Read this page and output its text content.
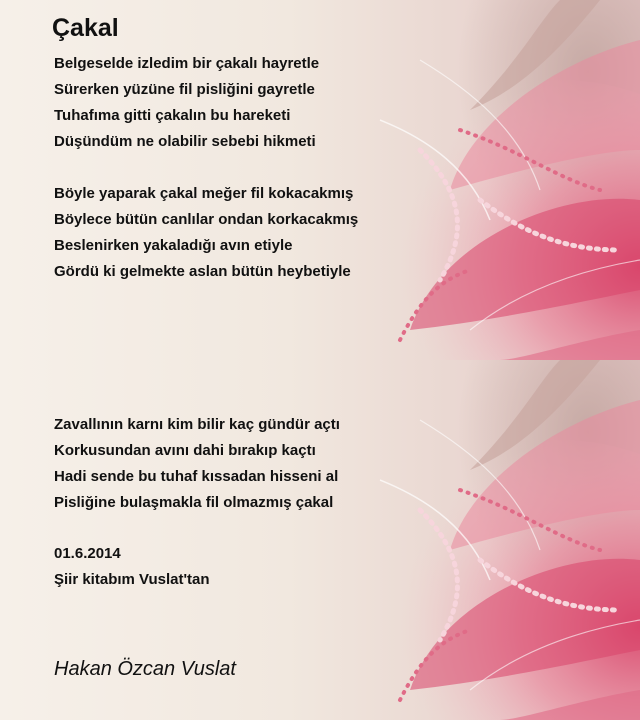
Çakal
Belgeselde izledim bir çakalı hayretle
Sürerken yüzüne fil pisliğini gayretle
Tuhafıma gitti çakalın bu hareketi
Düşündüm ne olabilir sebebi hikmeti
Böyle yaparak çakal meğer fil kokacakmış
Böylece bütün canlılar ondan korkacakmış
Beslenirken yakaladığı avın etiyle
Gördü ki gelmekte aslan bütün heybetiyle
Zavallının karnı kim bilir kaç gündür açtı
Korkusundan avını dahi bırakıp kaçtı
Hadi sende bu tuhaf kıssadan hisseni al
Pisliğine bulaşmakla fil olmazmış çakal
01.6.2014
Şiir kitabım Vuslat'tan
Hakan Özcan Vuslat
